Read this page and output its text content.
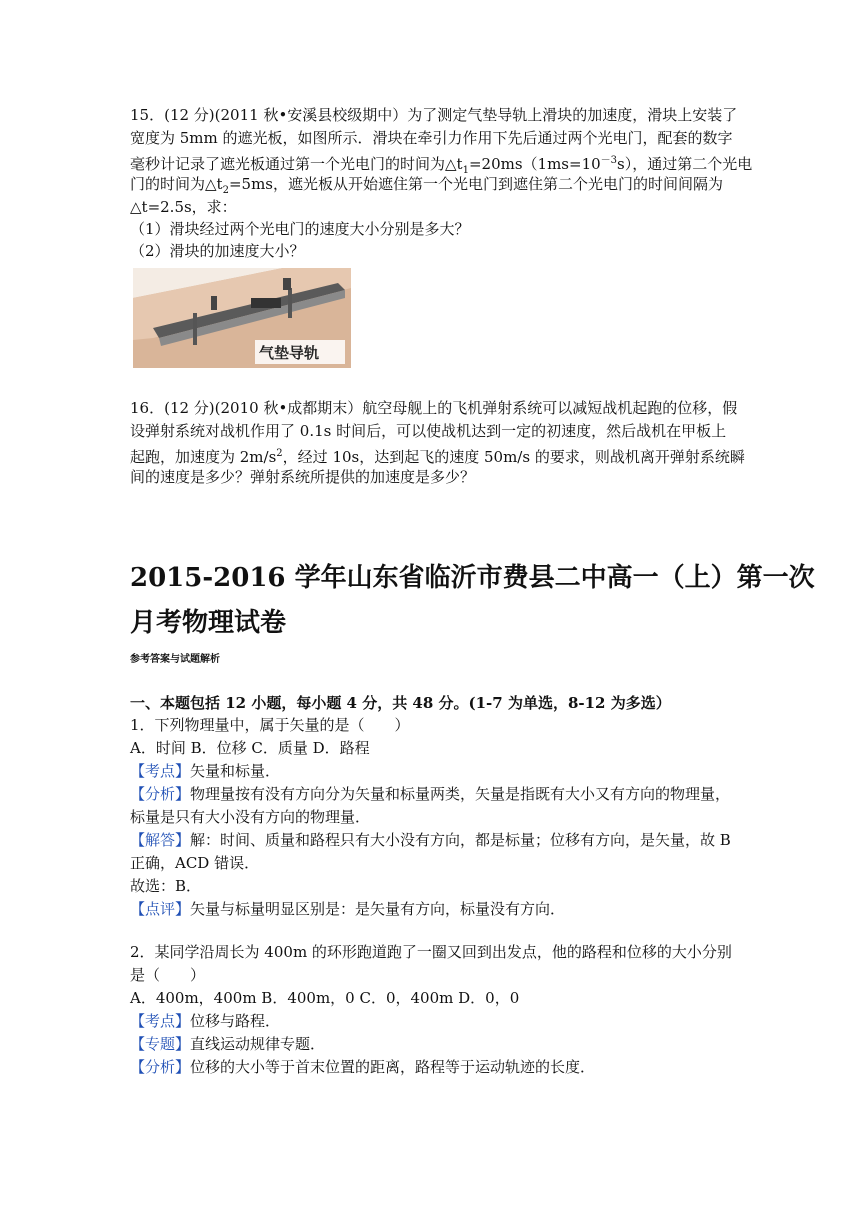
15．(12 分)(2011 秋•安溪县校级期中）为了测定气垫导轨上滑块的加速度，滑块上安装了
宽度为 5mm 的遮光板，如图所示．滑块在牵引力作用下先后通过两个光电门，配套的数字
毫秒计记录了遮光板通过第一个光电门的时间为$\triangle t_1=20ms(1ms=10^{-3}s)$，通过第二个光电
门的时间为$\triangle t_2=5ms$，遮光板从开始遮住第一个光电门到遮住第二个光电门的时间间隔为
△t=2.5s，求：
（1）滑块经过两个光电门的速度大小分别是多大？
（2）滑块的加速度大小？
气垫导轨
16．(12 分)(2010 秋•成都期末）航空母舰上的飞机弹射系统可以减短战机起跑的位移，假
设弹射系统对战机作用了 0.1s 时间后，可以使战机达到一定的初速度，然后战机在甲板上
起跑，加速度为 $2m/s^2$，经过 10s，达到起飞的速度 50m/s 的要求，则战机离开弹射系统瞬
间的速度是多少？弹射系统所提供的加速度是多少？
2015-2016 学年山东省临沂市费县二中高一（上）第一次
月考物理试卷
参考答案与试题解析
一、本题包括 12 小题，每小题 4 分，共 48 分。(1-7 为单选，8-12 为多选）
1．下列物理量中，属于矢量的是（　　）
A．时间 B．位移 C．质量 D．路程
【考点】矢量和标量．
【分析】物理量按有没有方向分为矢量和标量两类，矢量是指既有大小又有方向的物理量，
标量是只有大小没有方向的物理量．
【解答】解：时间、质量和路程只有大小没有方向，都是标量；位移有方向，是矢量，故 B
正确，ACD 错误．
故选：B．
【点评】矢量与标量明显区别是：是矢量有方向，标量没有方向．
2．某同学沿周长为 400m 的环形跑道跑了一圈又回到出发点，他的路程和位移的大小分别
是（　　）
A．400m，400m B．400m，0 C．0，400m D．0，0
【考点】位移与路程．
【专题】直线运动规律专题．
【分析】位移的大小等于首末位置的距离，路程等于运动轨迹的长度．
